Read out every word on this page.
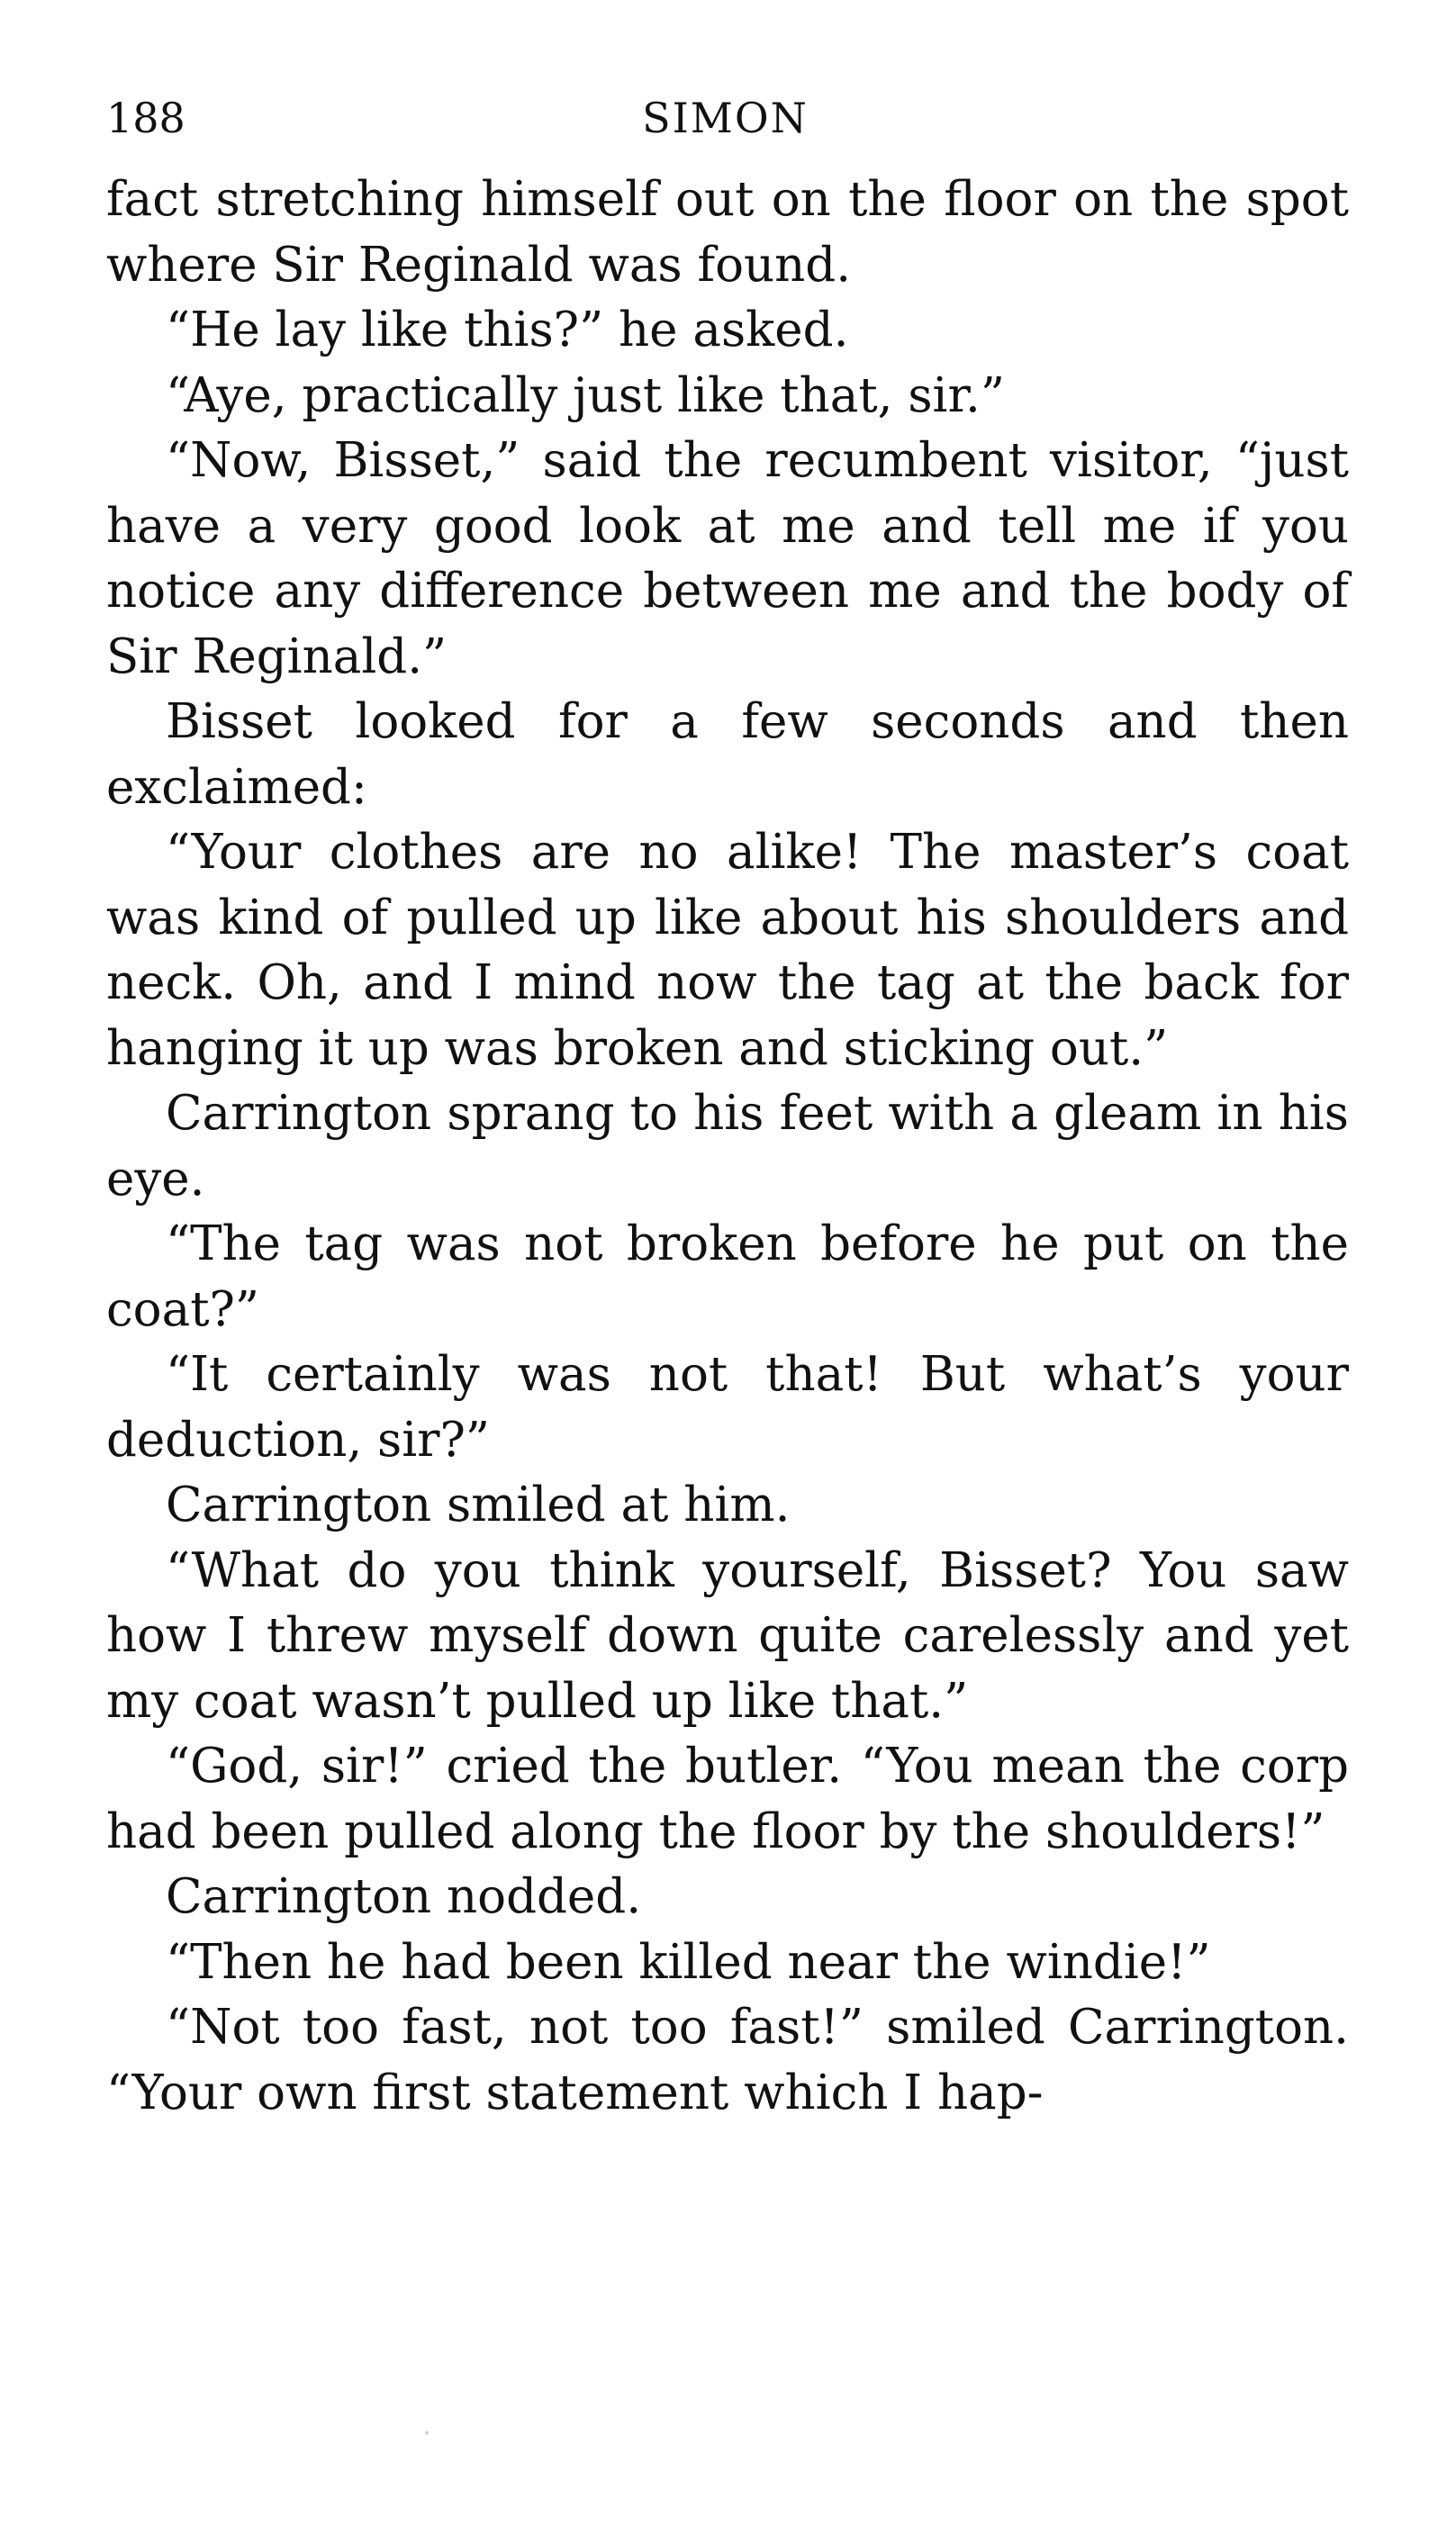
188	SIMON

fact stretching himself out on the floor on the spot where Sir Reginald was found.

“He lay like this?” he asked.

“Aye, practically just like that, sir.”

“Now, Bisset,” said the recumbent visitor, “just have a very good look at me and tell me if you notice any difference between me and the body of Sir Reginald.”

Bisset looked for a few seconds and then exclaimed:

“Your clothes are no alike! The master’s coat was kind of pulled up like about his shoulders and neck. Oh, and I mind now the tag at the back for hanging it up was broken and sticking out.”

Carrington sprang to his feet with a gleam in his eye.

“The tag was not broken before he put on the coat?”

“It certainly was not that! But what’s your deduction, sir?”

Carrington smiled at him.

“What do you think yourself, Bisset? You saw how I threw myself down quite carelessly and yet my coat wasn’t pulled up like that.”

“God, sir!” cried the butler. “You mean the corp had been pulled along the floor by the shoulders!”

Carrington nodded.

“Then he had been killed near the windie!”

“Not too fast, not too fast!” smiled Carrington. “Your own first statement which I hap-
